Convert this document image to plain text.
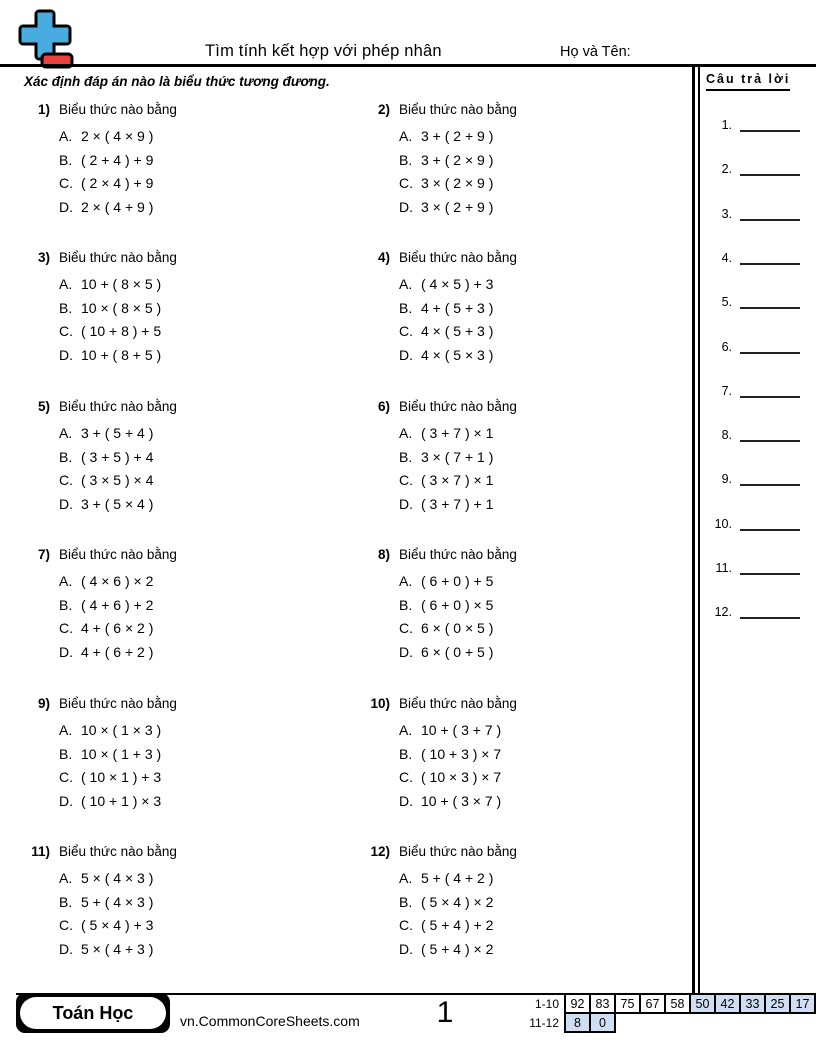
Tìm tính kết hợp với phép nhân	Họ và Tên:
Xác định đáp án nào là biểu thức tương đương.	Câu trả lời
1.
2.
3.
4.
5.
6.
7.
8.
9.
10.
11.
12.
1) Biểu thức nào bằng
A. 2 × ( 4 × 9 )
B. ( 2 + 4 ) + 9
C. ( 2 × 4 ) + 9
D. 2 × ( 4 + 9 )
2) Biểu thức nào bằng
A. 3 + ( 2 + 9 )
B. 3 + ( 2 × 9 )
C. 3 × ( 2 × 9 )
D. 3 × ( 2 + 9 )
3) Biểu thức nào bằng
A. 10 + ( 8 × 5 )
B. 10 × ( 8 × 5 )
C. ( 10 + 8 ) + 5
D. 10 + ( 8 + 5 )
4) Biểu thức nào bằng
A. ( 4 × 5 ) + 3
B. 4 + ( 5 + 3 )
C. 4 × ( 5 + 3 )
D. 4 × ( 5 × 3 )
5) Biểu thức nào bằng
A. 3 + ( 5 + 4 )
B. ( 3 + 5 ) + 4
C. ( 3 × 5 ) × 4
D. 3 + ( 5 × 4 )
6) Biểu thức nào bằng
A. ( 3 + 7 ) × 1
B. 3 × ( 7 + 1 )
C. ( 3 × 7 ) × 1
D. ( 3 + 7 ) + 1
7) Biểu thức nào bằng
A. ( 4 × 6 ) × 2
B. ( 4 + 6 ) + 2
C. 4 + ( 6 × 2 )
D. 4 + ( 6 + 2 )
8) Biểu thức nào bằng
A. ( 6 + 0 ) + 5
B. ( 6 + 0 ) × 5
C. 6 × ( 0 × 5 )
D. 6 × ( 0 + 5 )
9) Biểu thức nào bằng
A. 10 × ( 1 × 3 )
B. 10 × ( 1 + 3 )
C. ( 10 × 1 ) + 3
D. ( 10 + 1 ) × 3
10) Biểu thức nào bằng
A. 10 + ( 3 + 7 )
B. ( 10 + 3 ) × 7
C. ( 10 × 3 ) × 7
D. 10 + ( 3 × 7 )
11) Biểu thức nào bằng
A. 5 × ( 4 × 3 )
B. 5 + ( 4 × 3 )
C. ( 5 × 4 ) + 3
D. 5 × ( 4 + 3 )
12) Biểu thức nào bằng
A. 5 + ( 4 + 2 )
B. ( 5 × 4 ) × 2
C. ( 5 + 4 ) + 2
D. ( 5 + 4 ) × 2
Toán Học	vn.CommonCoreSheets.com	1	1-10	92	83	75	67	58	50	42	33	25	17
11-12	8	0								
